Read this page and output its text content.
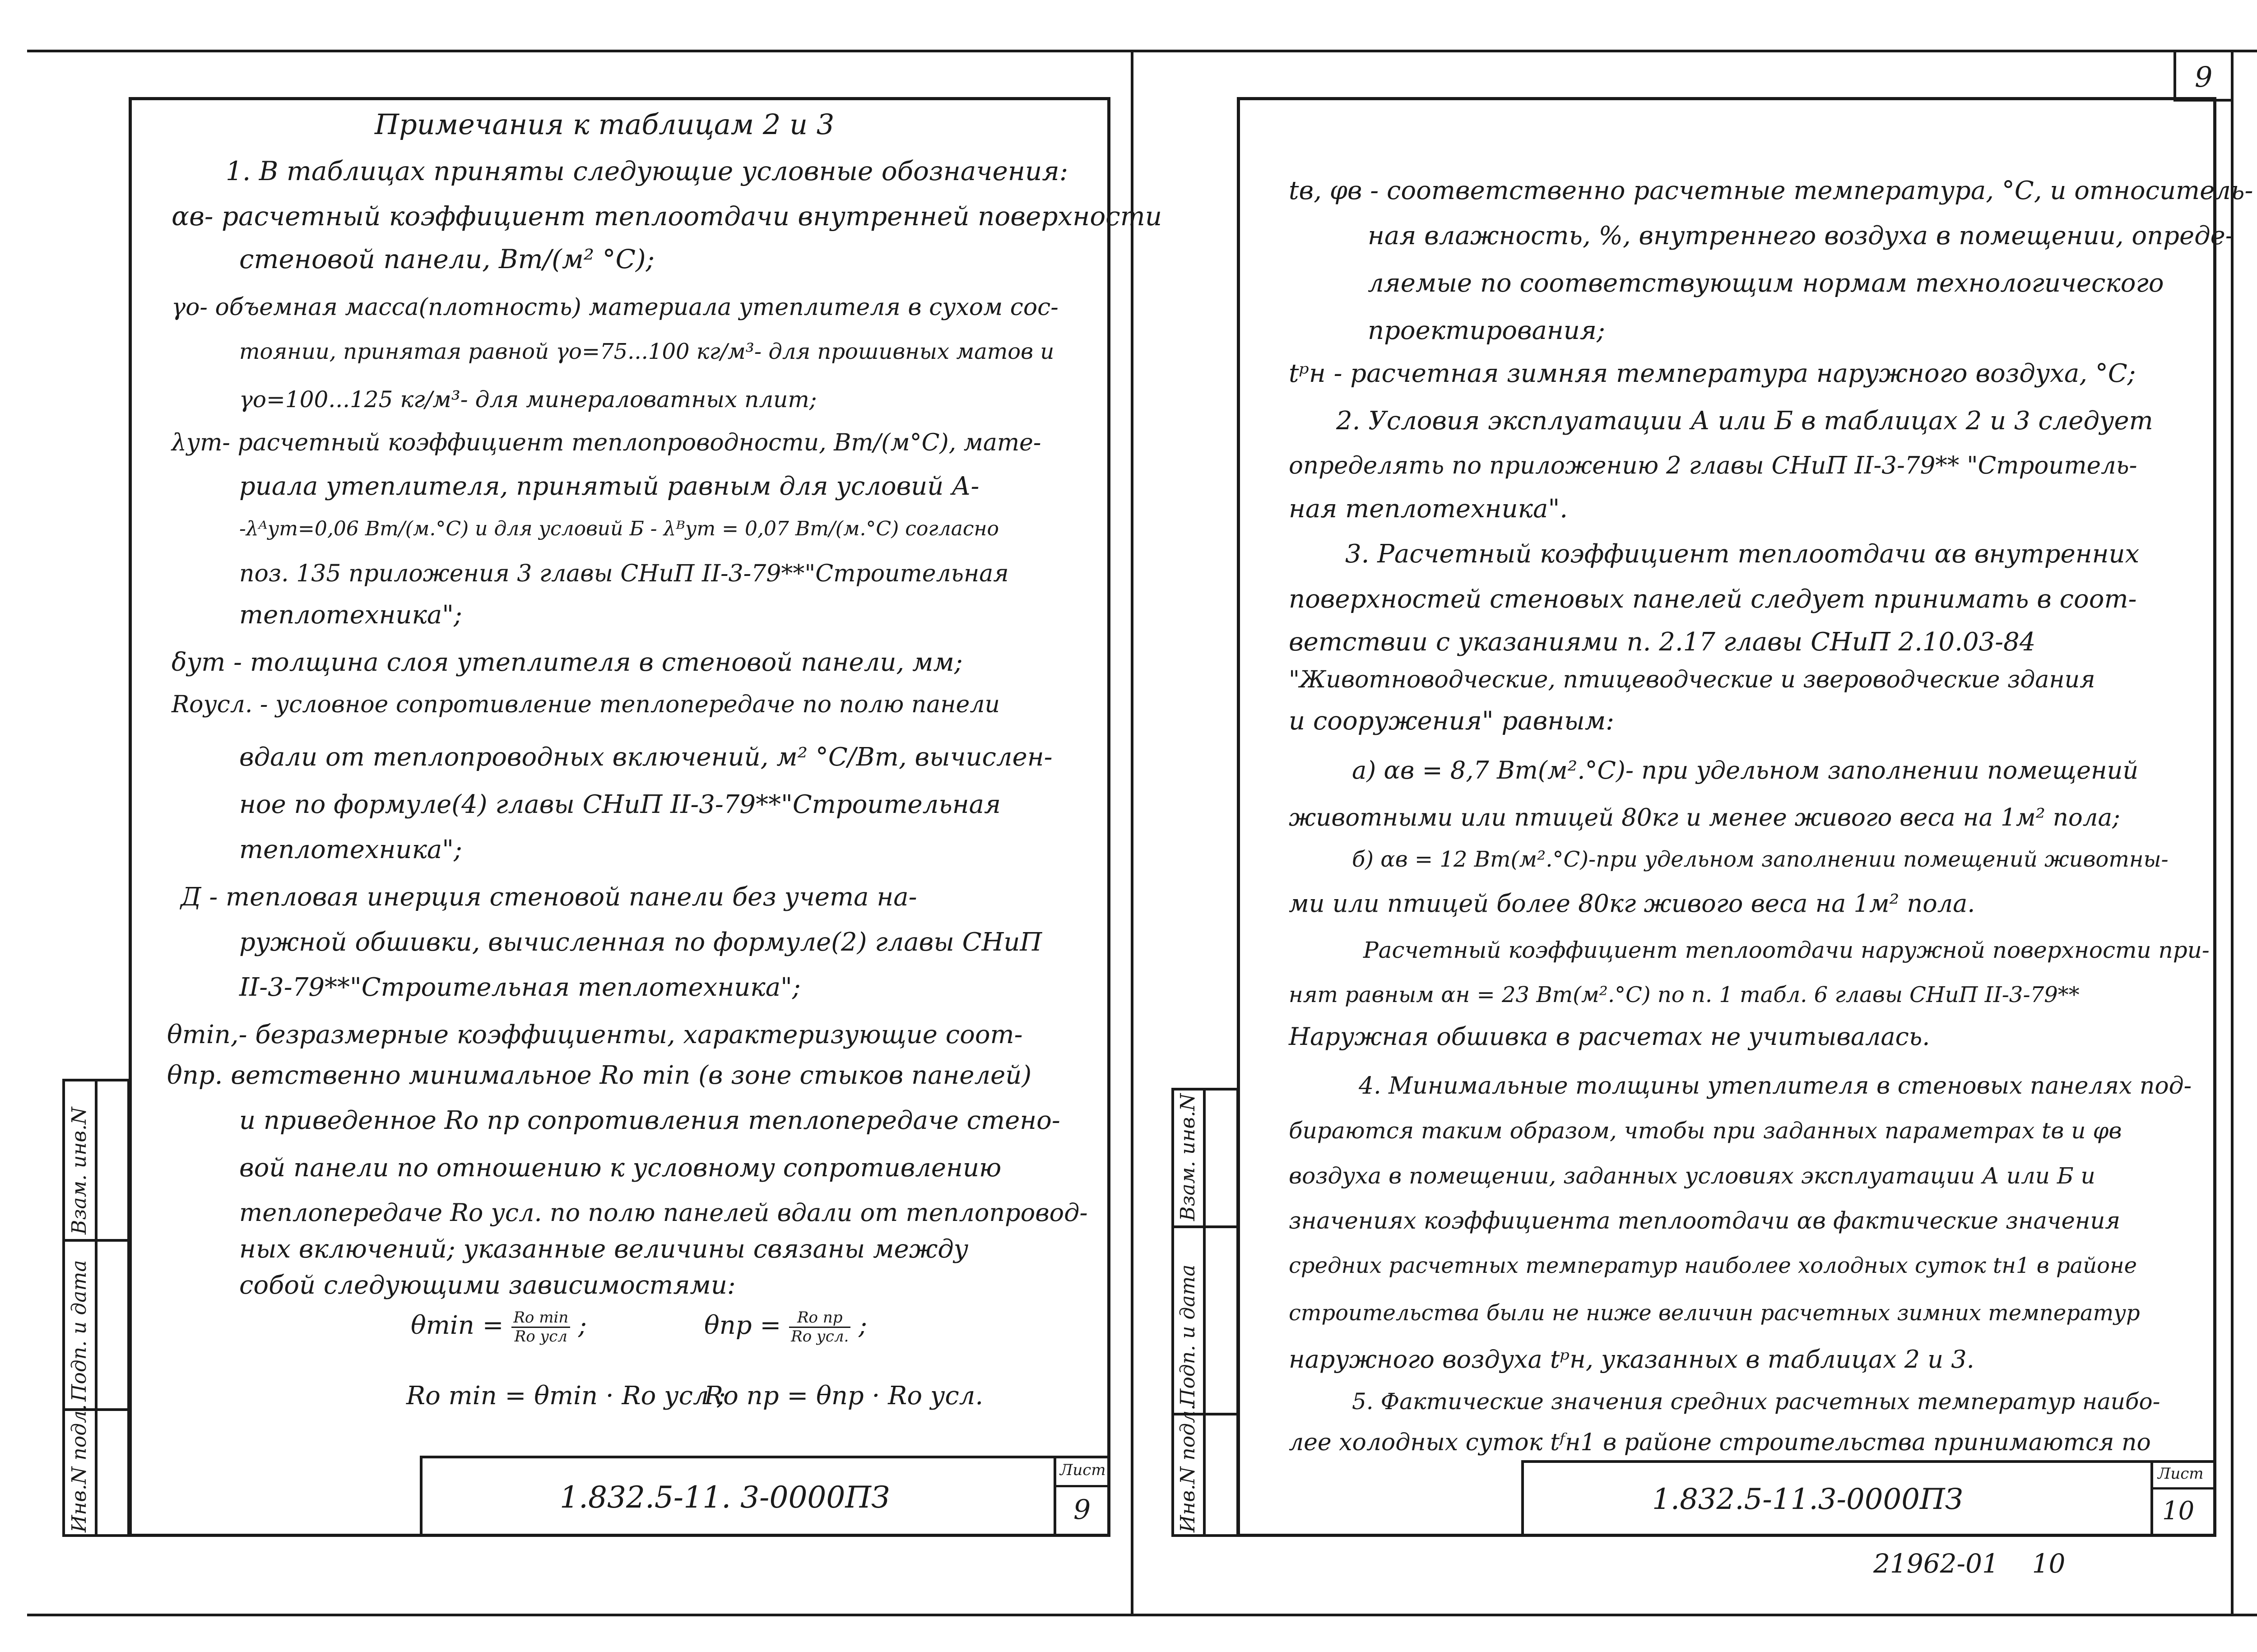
Инв.N подл.
Подп. и дата
Взам. инв.N
Примечания к таблицам 2 и 3
1. В таблицах приняты следующие условные обозначения:
αв- расчетный коэффициент теплоотдачи внутренней поверхности
стеновой панели, Вт/(м² °С);
γо- объемная масса(плотность) материала утеплителя в сухом сос-
тоянии, принятая равной γо=75...100 кг/м³- для прошивных матов и
γо=100...125 кг/м³- для минераловатных плит;
λут- расчетный коэффициент теплопроводности, Вт/(м°С), мате-
риала утеплителя, принятый равным для условий А-
-λᴬут=0,06 Вт/(м.°С) и для условий Б - λᴮут = 0,07 Вт/(м.°С) согласно
поз. 135 приложения 3 главы СНиП II-3-79**"Строительная
теплотехника";
δут - толщина слоя утеплителя в стеновой панели, мм;
Rоусл. - условное сопротивление теплопередаче по полю панели
вдали от теплопроводных включений, м² °С/Вт, вычислен-
ное по формуле(4) главы СНиП II-3-79**"Строительная
теплотехника";
Д - тепловая инерция стеновой панели без учета на-
ружной обшивки, вычисленная по формуле(2) главы СНиП
II-3-79**"Строительная теплотехника";
θmin,- безразмерные коэффициенты, характеризующие соот-
θпр. ветственно минимальное Rо min (в зоне стыков панелей)
и приведенное Rо пр сопротивления теплопередаче стено-
вой панели по отношению к условному сопротивлению
теплопередаче Rо усл. по полю панелей вдали от теплопровод-
ных включений; указанные величины связаны между
собой следующими зависимостями:
$\theta\min = \frac{\text{Rо min}}{\text{Rо усл}}$ ;	$\theta пр = \frac{\text{Rо пр}}{\text{Rо усл.}}$ ;
Rо min = θmin · Rо усл ;
Rо пр = θпр · Rо усл.
1.832.5-11. 3-0000ПЗ
Лист
9
9
Инв.N подл.
Подп. и дата
Взам. инв.N
tв, φв - соответственно расчетные температура, °С, и относитель-
ная влажность, %, внутреннего воздуха в помещении, опреде-
ляемые по соответствующим нормам технологического
проектирования;
tᵖн - расчетная зимняя температура наружного воздуха, °С;
2. Условия эксплуатации А или Б в таблицах 2 и 3 следует
определять по приложению 2 главы СНиП II-3-79** "Строитель-
ная теплотехника".
3. Расчетный коэффициент теплоотдачи αв внутренних
поверхностей стеновых панелей следует принимать в соот-
ветствии с указаниями п. 2.17 главы СНиП 2.10.03-84
"Животноводческие, птицеводческие и звероводческие здания
и сооружения" равным:
а) αв = 8,7 Вт(м².°С)- при удельном заполнении помещений
животными или птицей 80кг и менее живого веса на 1м² пола;
б) αв = 12 Вт(м².°С)-при удельном заполнении помещений животны-
ми или птицей более 80кг живого веса на 1м² пола.
Расчетный коэффициент теплоотдачи наружной поверхности при-
нят равным αн = 23 Вт(м².°С) по п. 1 табл. 6 главы СНиП II-3-79**
Наружная обшивка в расчетах не учитывалась.
4. Минимальные толщины утеплителя в стеновых панелях под-
бираются таким образом, чтобы при заданных параметрах tв и φв
воздуха в помещении, заданных условиях эксплуатации А или Б и
значениях коэффициента теплоотдачи αв фактические значения
средних расчетных температур наиболее холодных суток tн1 в районе
строительства были не ниже величин расчетных зимних температур
наружного воздуха tᵖн, указанных в таблицах 2 и 3.
5. Фактические значения средних расчетных температур наибо-
лее холодных суток tᶠн1 в районе строительства принимаются по
1.832.5-11.3-0000ПЗ
Лист
10
21962-01    10
